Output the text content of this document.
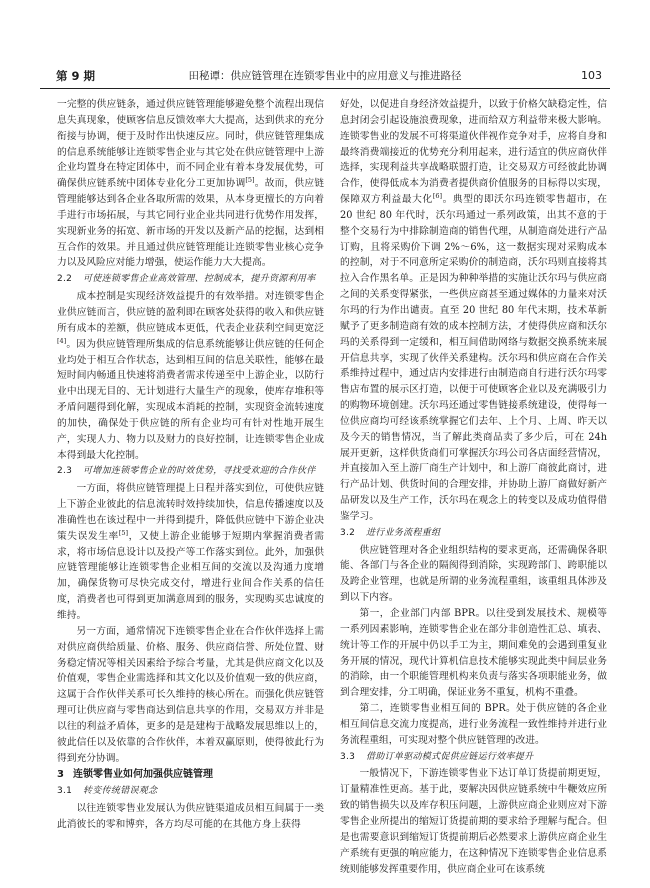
第 9 期	田秘谭：供应链管理在连锁零售业中的应用意义与推进路径	103

一完整的供应链条，通过供应链管理能够避免整个流程出现信息失真现象，使顾客信息反馈效率大大提高，达到供求的充分衔接与协调，便于及时作出快速反应。同时，供应链管理集成的信息系统能够让连锁零售企业与其它处在供应链管理中上游企业均置身在特定团体中，而不同企业有着本身发展优势，可确保供应链系统中团体专业化分工更加协调[5]。故而，供应链管理能够达到各企业各取所需的效果，从本身更擅长的方向着手进行市场拓展，与其它同行业企业共同进行优势作用发挥，实现新业务的拓宽、新市场的开发以及新产品的挖掘，达到相互合作的效果。并且通过供应链管理能让连锁零售业核心竞争力以及风险应对能力增强，使运作能力大大提高。

2.2 可使连锁零售企业高效管理、控制成本，提升资源利用率

成本控制是实现经济效益提升的有效举措。对连锁零售企业供应链而言，供应链的盈利即在顾客处获得的收入和供应链所有成本的差额，供应链成本更低，代表企业获利空间更宽泛[4]。因为供应链管理所集成的信息系统能够让供应链的任何企业均处于相互合作状态，达到相互间的信息关联性，能够在最短时间内畅通且快速将消费者需求传递至中上游企业，以防行业中出现无目的、无计划进行大量生产的现象，使库存堆积等矛盾问题得到化解，实现成本消耗的控制，实现资金流转速度的加快，确保处于供应链的所有企业均可有针对性地开展生产，实现人力、物力以及财力的良好控制，让连锁零售企业成本得到最大化控制。

2.3 可增加连锁零售企业的时效优势，寻找受欢迎的合作伙伴

一方面，将供应链管理提上日程并落实到位，可使供应链上下游企业彼此的信息流转时效持续加快，信息传播速度以及准确性也在该过程中一并得到提升，降低供应链中下游企业决策失误发生率[5]，又使上游企业能够于短期内掌握消费者需求，将市场信息设计以及投产等工作落实到位。此外，加强供应链管理能够让连锁零售企业相互间的交流以及沟通力度增加，确保货物可尽快完成交付，增进行业间合作关系的信任度，消费者也可得到更加满意周到的服务，实现购买忠诚度的维持。

另一方面，通常情况下连锁零售企业在合作伙伴选择上需对供应商供给质量、价格、服务、供应商信誉、所处位置、财务稳定情况等相关因素给予综合考量，尤其是供应商文化以及价值观，零售企业需选择和其文化以及价值观一致的供应商，这属于合作伙伴关系可长久维持的核心所在。而强化供应链管理可让供应商与零售商达到信息共享的作用，交易双方并非是以往的利益矛盾体，更多的是是建构于战略发展思维以上的，彼此信任以及依靠的合作伙伴，本着双赢原则，使得彼此行为得到充分协调。

3 连锁零售业如何加强供应链管理
3.1 转变传统错误观念

以往连锁零售业发展认为供应链渠道成员相互间属于一类此消彼长的零和博弈，各方均尽可能的在其他方身上获得

好处，以促进自身经济效益提升，以致于价格欠缺稳定性，信息封闭会引起设施浪费现象，进而给双方利益带来极大影响。连锁零售业的发展不可将渠道伙伴视作竞争对手，应将自身和最终消费端接近的优势充分利用起来，进行适宜的供应商伙伴选择，实现利益共享战略联盟打造，让交易双方可经彼此协调合作，使得低成本为消费者提供商价值服务的目标得以实现，保障双方利益最大化[6]。典型的即沃尔玛连锁零售超市，在 20 世纪 80 年代时，沃尔玛通过一系列政策，出其不意的于整个交易行为中排除制造商的销售代理，从制造商处进行产品订购，且将采购价下调 2%～6%，这一数据实现对采购成本的控制，对于不同意所定采购价的制造商，沃尔玛则直接将其拉入合作黑名单。正是因为种种举措的实施让沃尔玛与供应商之间的关系变得紧张，一些供应商甚至通过媒体的力量来对沃尔玛的行为作出谴责。直至 20 世纪 80 年代末期，技术革新赋予了更多制造商有效的成本控制方法，才使得供应商和沃尔玛的关系得到一定缓和，相互间借助网络与数据交换系统来展开信息共享，实现了伙伴关系建构。沃尔玛和供应商在合作关系维持过程中，通过店内安排进行由制造商自行进行沃尔玛零售店布置的展示区打造，以便于可使顾客企业以及充满吸引力的购物环境创建。沃尔玛还通过零售链接系统建设，使得每一位供应商均可经该系统掌握它们去年、上个月、上周、昨天以及今天的销售情况，当了解此类商品卖了多少后，可在 24h 展开更新，这样供货商们可掌握沃尔玛公司各店面经营情况，并直接加入至上游厂商生产计划中，和上游厂商彼此商讨，进行产品计划、供货时间的合理安排，并协助上游厂商做好新产品研发以及生产工作，沃尔玛在观念上的转变以及成功值得借鉴学习。

3.2 进行业务流程重组

供应链管理对各企业组织结构的要求更高，还需确保各职能、各部门与各企业的隔阂得到消除，实现跨部门、跨职能以及跨企业管理，也就是所谓的业务流程重组，该重组具体涉及到以下内容。

第一，企业部门内部 BPR。以往受到发展技术、规模等一系列因素影响，连锁零售企业在部分非创造性汇总、填表、统计等工作的开展中仍以手工为主，期间难免的会遇到重复业务开展的情况，现代计算机信息技术能够实现此类中间层业务的消除，由一个职能管理机构来负责与落实各项职能业务，做到合理安排，分工明确，保证业务不重复，机构不重叠。

第二，连锁零售业相互间的 BPR。处于供应链的各企业相互间信息交流力度提高，进行业务流程一致性维持并进行业务流程重组，可实现对整个供应链管理的改进。

3.3 借助订单驱动模式促供应链运行效率提升

一般情况下，下游连锁零售业下达订单订货提前期更短，订量精准性更高。基于此，要解决因供应链系统中牛鞭效应所致的销售损失以及库存积压问题，上游供应商企业则应对下游零售企业所提出的缩短订货提前期的要求给予理解与配合。但是也需要意识到缩短订货提前期后必然要求上游供应商企业生产系统有更强的响应能力，在这种情况下连锁零售企业信息系统则能够发挥重要作用，供应商企业可在该系统
